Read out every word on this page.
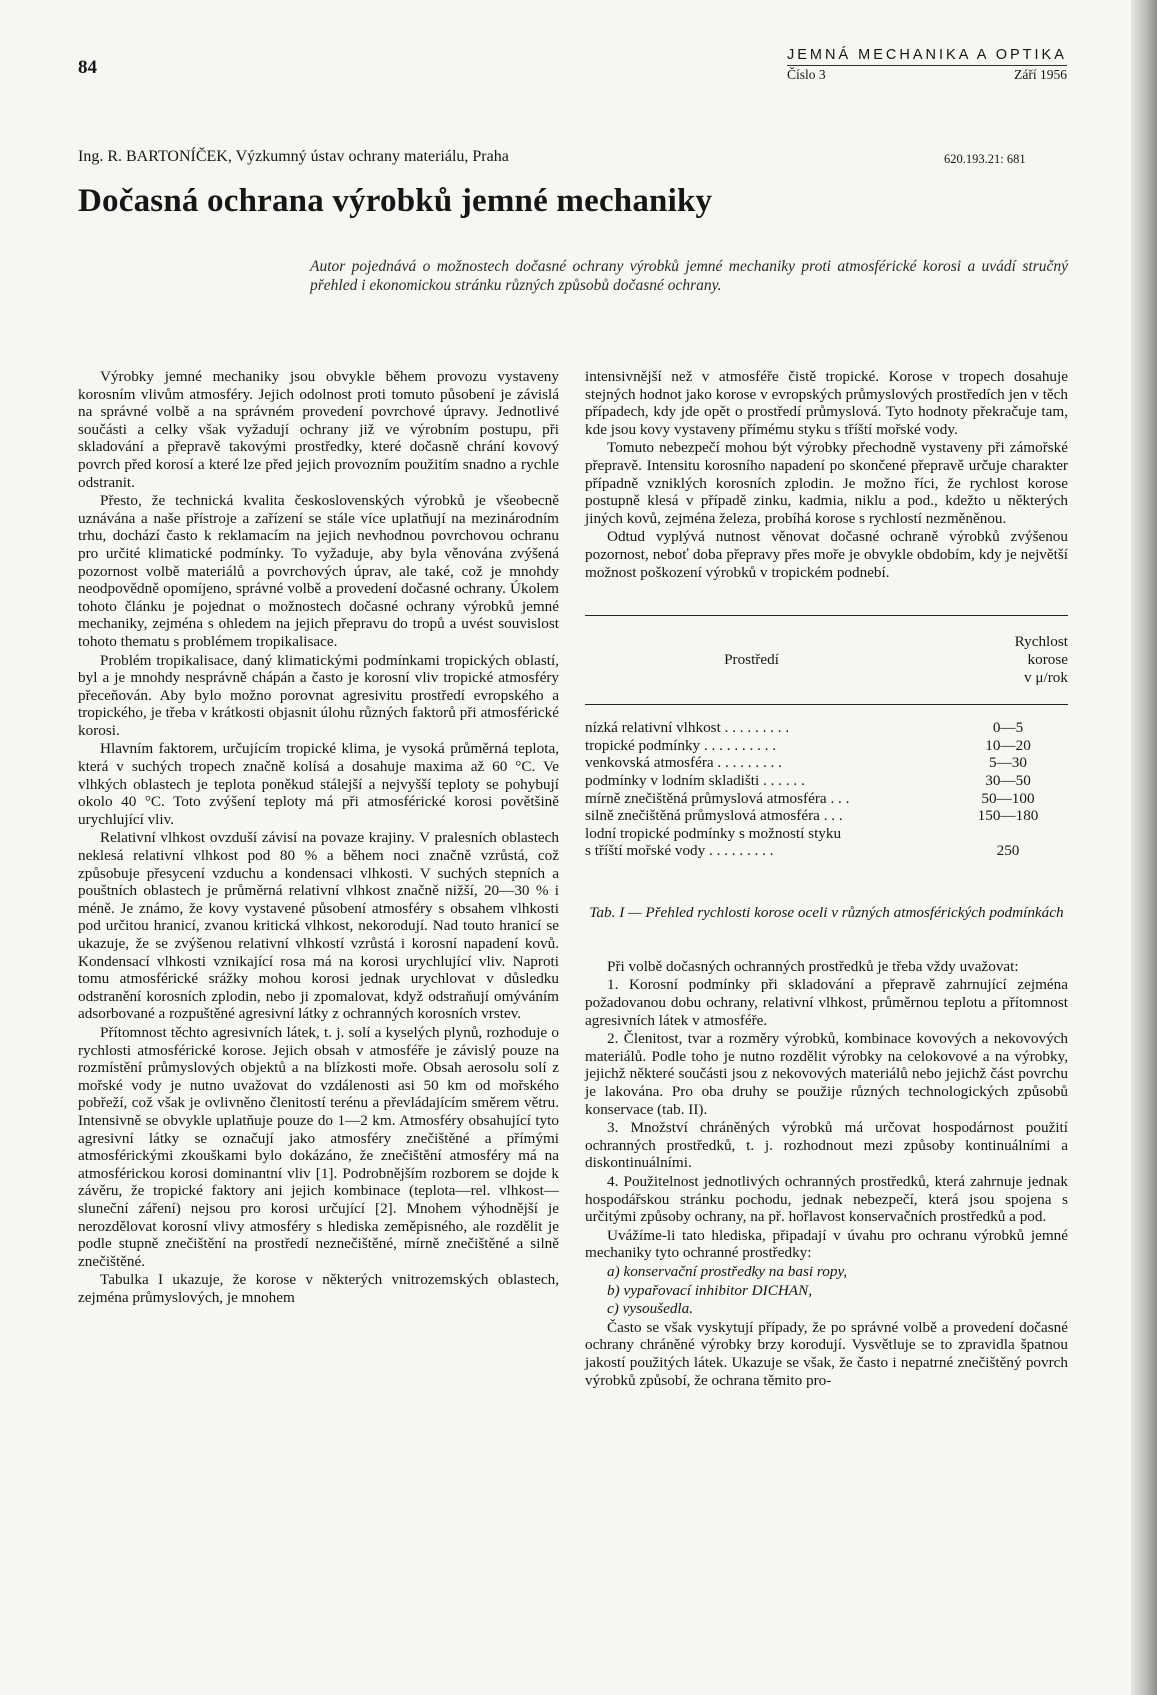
84
JEMNÁ MECHANIKA A OPTIKA
Číslo 3	Září 1956
Ing. R. BARTONÍČEK, Výzkumný ústav ochrany materiálu, Praha	620.193.21: 681
Dočasná ochrana výrobků jemné mechaniky
Autor pojednává o možnostech dočasné ochrany výrobků jemné mechaniky proti atmosférické korosi a uvádí stručný přehled i ekonomickou stránku různých způsobů dočasné ochrany.

Výrobky jemné mechaniky jsou obvykle během provozu vystaveny korosním vlivům atmosféry. Jejich odolnost proti tomuto působení je závislá na správné volbě a na správném provedení povrchové úpravy. Jednotlivé součásti a celky však vyžadují ochrany již ve výrobním postupu, při skladování a přepravě takovými prostředky, které dočasně chrání kovový povrch před korosí a které lze před jejich provozním použitím snadno a rychle odstranit.

Přesto, že technická kvalita československých výrobků je všeobecně uznávána a naše přístroje a zařízení se stále více uplatňují na mezinárodním trhu, dochází často k reklamacím na jejich nevhodnou povrchovou ochranu pro určité klimatické podmínky. To vyžaduje, aby byla věnována zvýšená pozornost volbě materiálů a povrchových úprav, ale také, což je mnohdy neodpovědně opomíjeno, správné volbě a provedení dočasné ochrany. Úkolem tohoto článku je pojednat o možnostech dočasné ochrany výrobků jemné mechaniky, zejména s ohledem na jejich přepravu do tropů a uvést souvislost tohoto thematu s problémem tropikalisace.

Problém tropikalisace, daný klimatickými podmínkami tropických oblastí, byl a je mnohdy nesprávně chápán a často je korosní vliv tropické atmosféry přeceňován. Aby bylo možno porovnat agresivitu prostředí evropského a tropického, je třeba v krátkosti objasnit úlohu různých faktorů při atmosférické korosi.

Hlavním faktorem, určujícím tropické klima, je vysoká průměrná teplota, která v suchých tropech značně kolísá a dosahuje maxima až 60 °C. Ve vlhkých oblastech je teplota poněkud stálejší a nejvyšší teploty se pohybují okolo 40 °C. Toto zvýšení teploty má při atmosférické korosi povětšině urychlující vliv.

Relativní vlhkost ovzduší závisí na povaze krajiny. V pralesních oblastech neklesá relativní vlhkost pod 80 % a během noci značně vzrůstá, což způsobuje přesycení vzduchu a kondensaci vlhkosti. V suchých stepních a pouštních oblastech je průměrná relativní vlhkost značně nižší, 20—30 % i méně. Je známo, že kovy vystavené působení atmosféry s obsahem vlhkosti pod určitou hranicí, zvanou kritická vlhkost, nekorodují. Nad touto hranicí se ukazuje, že se zvýšenou relativní vlhkostí vzrůstá i korosní napadení kovů. Kondensací vlhkosti vznikající rosa má na korosi urychlující vliv. Naproti tomu atmosférické srážky mohou korosi jednak urychlovat v důsledku odstranění korosních zplodin, nebo ji zpomalovat, když odstraňují omýváním adsorbované a rozpuštěné agresivní látky z ochranných korosních vrstev.

Přítomnost těchto agresivních látek, t. j. solí a kyselých plynů, rozhoduje o rychlosti atmosférické korose. Jejich obsah v atmosféře je závislý pouze na rozmístění průmyslových objektů a na blízkosti moře. Obsah aerosolu solí z mořské vody je nutno uvažovat do vzdálenosti asi 50 km od mořského pobřeží, což však je ovlivněno členitostí terénu a převládajícím směrem větru. Intensivně se obvykle uplatňuje pouze do 1—2 km. Atmosféry obsahující tyto agresivní látky se označují jako atmosféry znečištěné a přímými atmosférickými zkouškami bylo dokázáno, že znečištění atmosféry má na atmosférickou korosi dominantní vliv [1]. Podrobnějším rozborem se dojde k závěru, že tropické faktory ani jejich kombinace (teplota—rel. vlhkost—sluneční záření) nejsou pro korosi určující [2]. Mnohem výhodnější je nerozdělovat korosní vlivy atmosféry s hlediska zeměpisného, ale rozdělit je podle stupně znečištění na prostředí neznečištěné, mírně znečištěné a silně znečištěné.

Tabulka I ukazuje, že korose v některých vnitrozemských oblastech, zejména průmyslových, je mnohem

intensivnější než v atmosféře čistě tropické. Korose v tropech dosahuje stejných hodnot jako korose v evropských průmyslových prostředích jen v těch případech, kdy jde opět o prostředí průmyslová. Tyto hodnoty překračuje tam, kde jsou kovy vystaveny přímému styku s tříští mořské vody.

Tomuto nebezpečí mohou být výrobky přechodně vystaveny při zámořské přepravě. Intensitu korosního napadení po skončené přepravě určuje charakter případně vzniklých korosních zplodin. Je možno říci, že rychlost korose postupně klesá v případě zinku, kadmia, niklu a pod., kdežto u některých jiných kovů, zejména železa, probíhá korose s rychlostí nezměněnou.

Odtud vyplývá nutnost věnovat dočasné ochraně výrobků zvýšenou pozornost, neboť doba přepravy přes moře je obvykle obdobím, kdy je největší možnost poškození výrobků v tropickém podnebí.

Prostředí
Rychlost
korose
v μ/rok
nízká relativní vlhkost . . . . . . . . .	0—5
tropické podmínky . . . . . . . . . .	10—20
venkovská atmosféra . . . . . . . . .	5—30
podmínky v lodním skladišti . . . . . .	30—50
mírně znečištěná průmyslová atmosféra . . .	50—100
silně znečištěná průmyslová atmosféra . . .	150—180
lodní tropické podmínky s možností styku
s tříští mořské vody . . . . . . . . .	250
Tab. I — Přehled rychlosti korose oceli v různých atmosférických podmínkách

Při volbě dočasných ochranných prostředků je třeba vždy uvažovat:

1. Korosní podmínky při skladování a přepravě zahrnující zejména požadovanou dobu ochrany, relativní vlhkost, průměrnou teplotu a přítomnost agresivních látek v atmosféře.

2. Členitost, tvar a rozměry výrobků, kombinace kovových a nekovových materiálů. Podle toho je nutno rozdělit výrobky na celokovové a na výrobky, jejichž některé součásti jsou z nekovových materiálů nebo jejichž část povrchu je lakována. Pro oba druhy se použije různých technologických způsobů konservace (tab. II).

3. Množství chráněných výrobků má určovat hospodárnost použití ochranných prostředků, t. j. rozhodnout mezi způsoby kontinuálními a diskontinuálními.

4. Použitelnost jednotlivých ochranných prostředků, která zahrnuje jednak hospodářskou stránku pochodu, jednak nebezpečí, která jsou spojena s určitými způsoby ochrany, na př. hořlavost konservačních prostředků a pod.

Uvážíme-li tato hlediska, připadají v úvahu pro ochranu výrobků jemné mechaniky tyto ochranné prostředky:

a) konservační prostředky na basi ropy,

b) vypařovací inhibitor DICHAN,

c) vysoušedla.

Často se však vyskytují případy, že po správné volbě a provedení dočasné ochrany chráněné výrobky brzy korodují. Vysvětluje se to zpravidla špatnou jakostí použitých látek. Ukazuje se však, že často i nepatrné znečištěný povrch výrobků způsobí, že ochrana těmito pro-
